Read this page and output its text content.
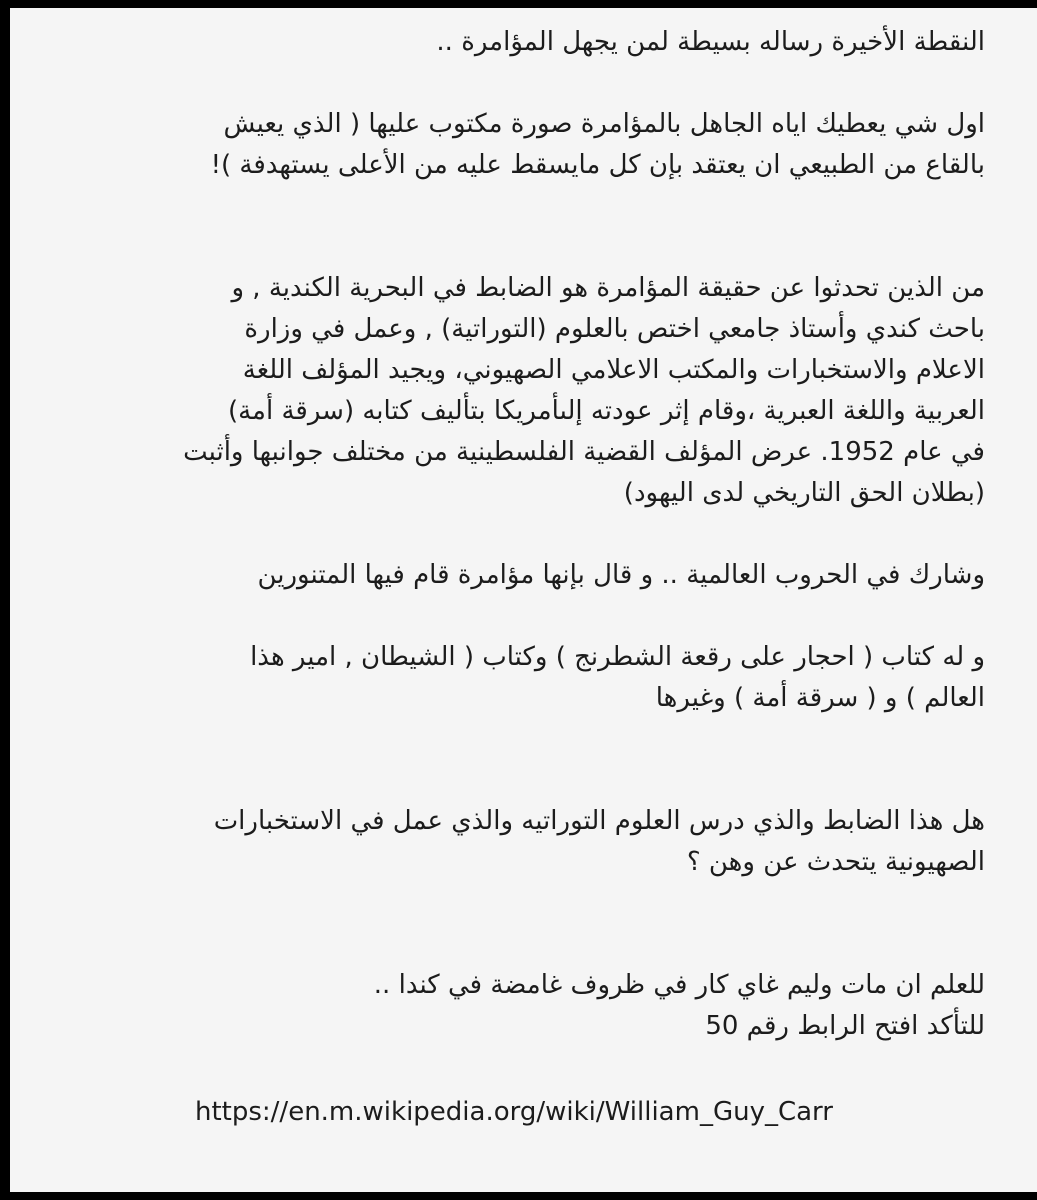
النقطة الأخيرة رساله بسيطة لمن يجهل المؤامرة ..

اول شي يعطيك اياه الجاهل بالمؤامرة صورة مكتوب عليها ( الذي يعيش
بالقاع من الطبيعي ان يعتقد بإن كل مايسقط عليه من الأعلى يستهدفة )!

من الذين تحدثوا عن حقيقة المؤامرة هو الضابط في البحرية الكندية , و
باحث كندي وأستاذ جامعي اختص بالعلوم (التوراتية) , وعمل في وزارة
الاعلام والاستخبارات والمكتب الاعلامي الصهيوني، ويجيد المؤلف اللغة
العربية واللغة العبرية ،وقام إثر عودته إلىأمريكا بتأليف كتابه (سرقة أمة)
في عام 1952. عرض المؤلف القضية الفلسطينية من مختلف جوانبها وأثبت
(بطلان الحق التاريخي لدى اليهود)

وشارك في الحروب العالمية .. و قال بإنها مؤامرة قام فيها المتنورين

و له كتاب ( احجار على رقعة الشطرنج ) وكتاب ( الشيطان , امير هذا
العالم ) و ( سرقة أمة ) وغيرها

هل هذا الضابط والذي درس العلوم التوراتيه والذي عمل في الاستخبارات
الصهيونية يتحدث عن وهن ؟

للعلم ان مات وليم غاي كار في ظروف غامضة في كندا ..
للتأكد افتح الرابط رقم 50

https://en.m.wikipedia.org/wiki/William_Guy_Carr
